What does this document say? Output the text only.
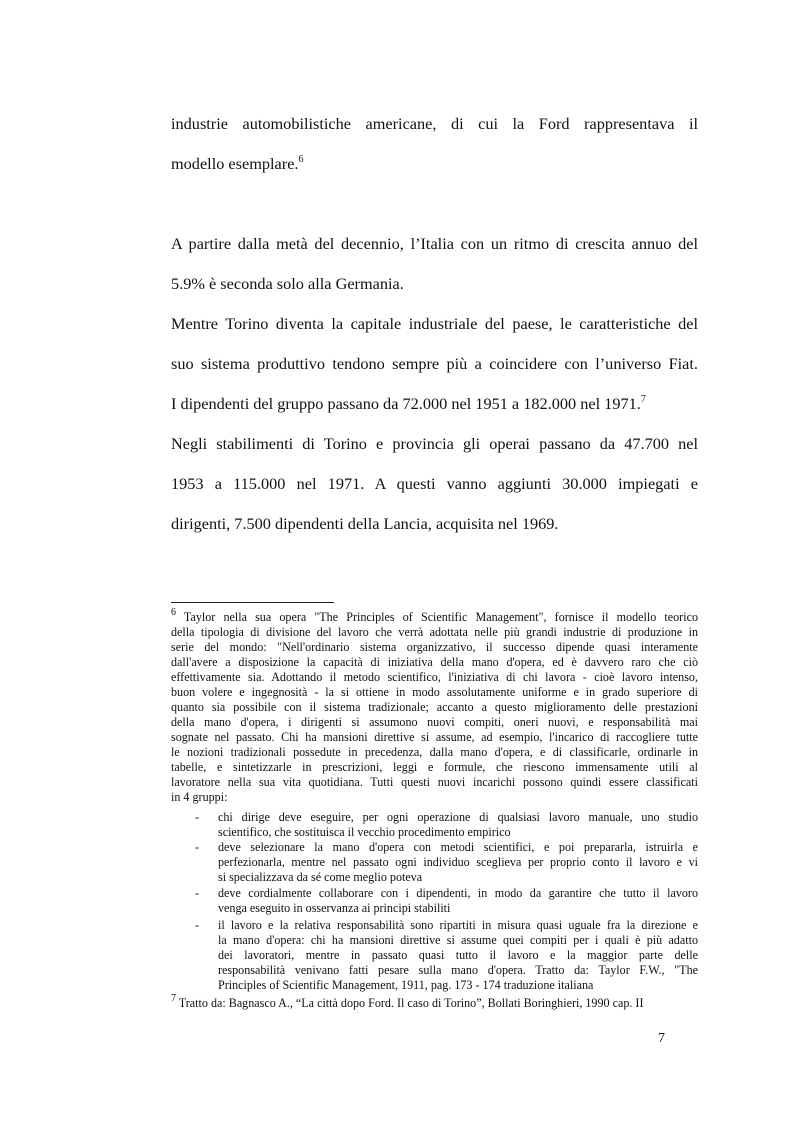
industrie automobilistiche americane, di cui la Ford rappresentava il
modello esemplare.$^6$
A partire dalla metà del decennio, l’Italia con un ritmo di crescita annuo del
5.9% è seconda solo alla Germania.
Mentre Torino diventa la capitale industriale del paese, le caratteristiche del
suo sistema produttivo tendono sempre più a coincidere con l’universo Fiat.
I dipendenti del gruppo passano da 72.000 nel 1951 a 182.000 nel 1971.$^7$
Negli stabilimenti di Torino e provincia gli operai passano da 47.700 nel
1953 a 115.000 nel 1971. A questi vanno aggiunti 30.000 impiegati e
dirigenti, 7.500 dipendenti della Lancia, acquisita nel 1969.
$^6$ Taylor nella sua opera "The Principles of Scientific Management", fornisce il modello teorico
della tipologia di divisione del lavoro che verrà adottata nelle più grandi industrie di produzione in
serie del mondo: "Nell'ordinario sistema organizzativo, il successo dipende quasi interamente
dall'avere a disposizione la capacità di iniziativa della mano d'opera, ed è davvero raro che ciò
effettivamente sia. Adottando il metodo scientifico, l'iniziativa di chi lavora - cioè lavoro intenso,
buon volere e ingegnosità - la si ottiene in modo assolutamente uniforme e in grado superiore di
quanto sia possibile con il sistema tradizionale; accanto a questo miglioramento delle prestazioni
della mano d'opera, i dirigenti si assumono nuovi compiti, oneri nuovi, e responsabilità mai
sognate nel passato. Chi ha mansioni direttive si assume, ad esempio, l'incarico di raccogliere tutte
le nozioni tradizionali possedute in precedenza, dalla mano d'opera, e di classificarle, ordinarle in
tabelle, e sintetizzarle in prescrizioni, leggi e formule, che riescono immensamente utili al
lavoratore nella sua vita quotidiana. Tutti questi nuovi incarichi possono quindi essere classificati
in 4 gruppi:
- chi dirige deve eseguire, per ogni operazione di qualsiasi lavoro manuale, uno studio
scientifico, che sostituisca il vecchio procedimento empirico
- deve selezionare la mano d'opera con metodi scientifici, e poi prepararla, istruirla e
perfezionarla, mentre nel passato ogni individuo sceglieva per proprio conto il lavoro e vi
si specializzava da sé come meglio poteva
- deve cordialmente collaborare con i dipendenti, in modo da garantire che tutto il lavoro
venga eseguito in osservanza ai principi stabiliti
- il lavoro e la relativa responsabilità sono ripartiti in misura quasi uguale fra la direzione e
la mano d'opera: chi ha mansioni direttive si assume quei compiti per i quali è più adatto
dei lavoratori, mentre in passato quasi tutto il lavoro e la maggior parte delle
responsabilità venivano fatti pesare sulla mano d'opera. Tratto da: Taylor F.W., "The
Principles of Scientific Management, 1911, pag. 173 - 174 traduzione italiana
$^7$ Tratto da: Bagnasco A., “La città dopo Ford. Il caso di Torino”, Bollati Boringhieri, 1990 cap. II
7
